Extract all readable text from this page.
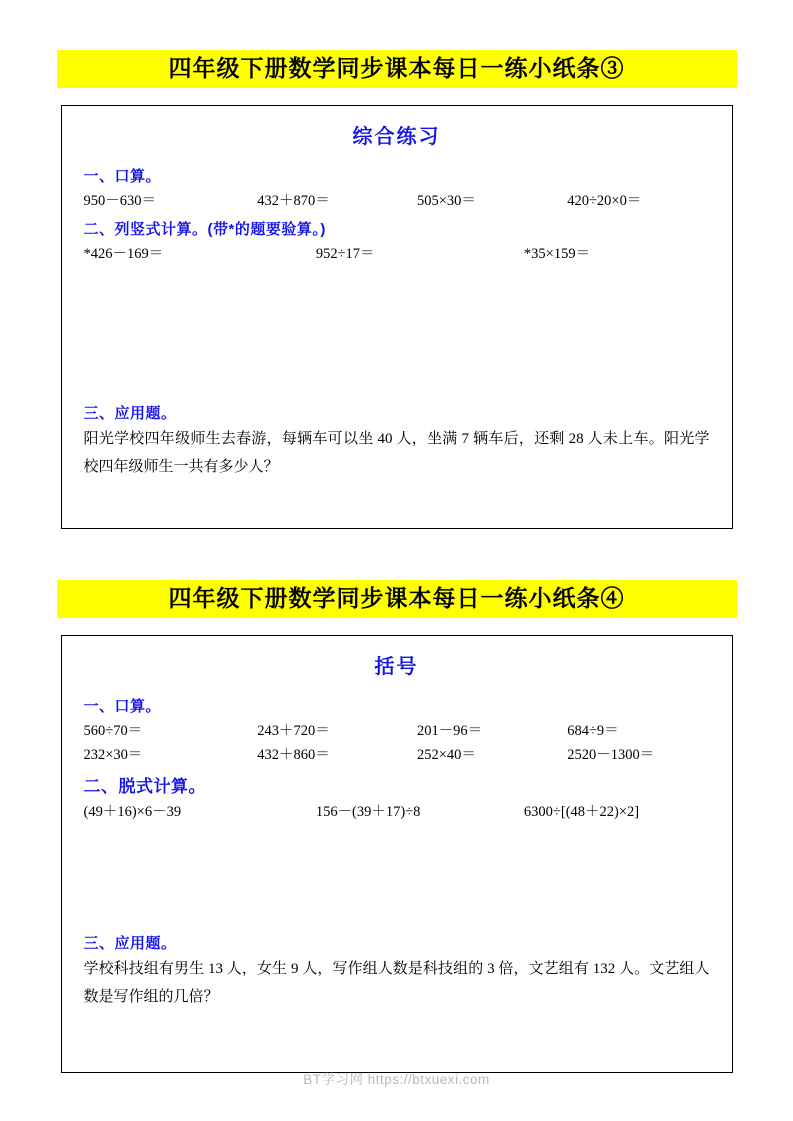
四年级下册数学同步课本每日一练小纸条③
综合练习
一、口算。
950－630＝	432＋870＝	505×30＝	420÷20×0＝
二、列竖式计算。(带*的题要验算。)
*426－169＝	952÷17＝	*35×159＝
三、应用题。
阳光学校四年级师生去春游，每辆车可以坐 40 人，坐满 7 辆车后，还剩 28 人未上车。阳光学校四年级师生一共有多少人？
四年级下册数学同步课本每日一练小纸条④
括号
一、口算。
560÷70＝	243＋720＝	201－96＝	684÷9＝
232×30＝	432＋860＝	252×40＝	2520－1300＝
二、脱式计算。
(49＋16)×6－39	156－(39＋17)÷8	6300÷[(48＋22)×2]
三、应用题。
学校科技组有男生 13 人，女生 9 人，写作组人数是科技组的 3 倍，文艺组有 132 人。文艺组人数是写作组的几倍？
BT学习网 https://btxuexi.com
